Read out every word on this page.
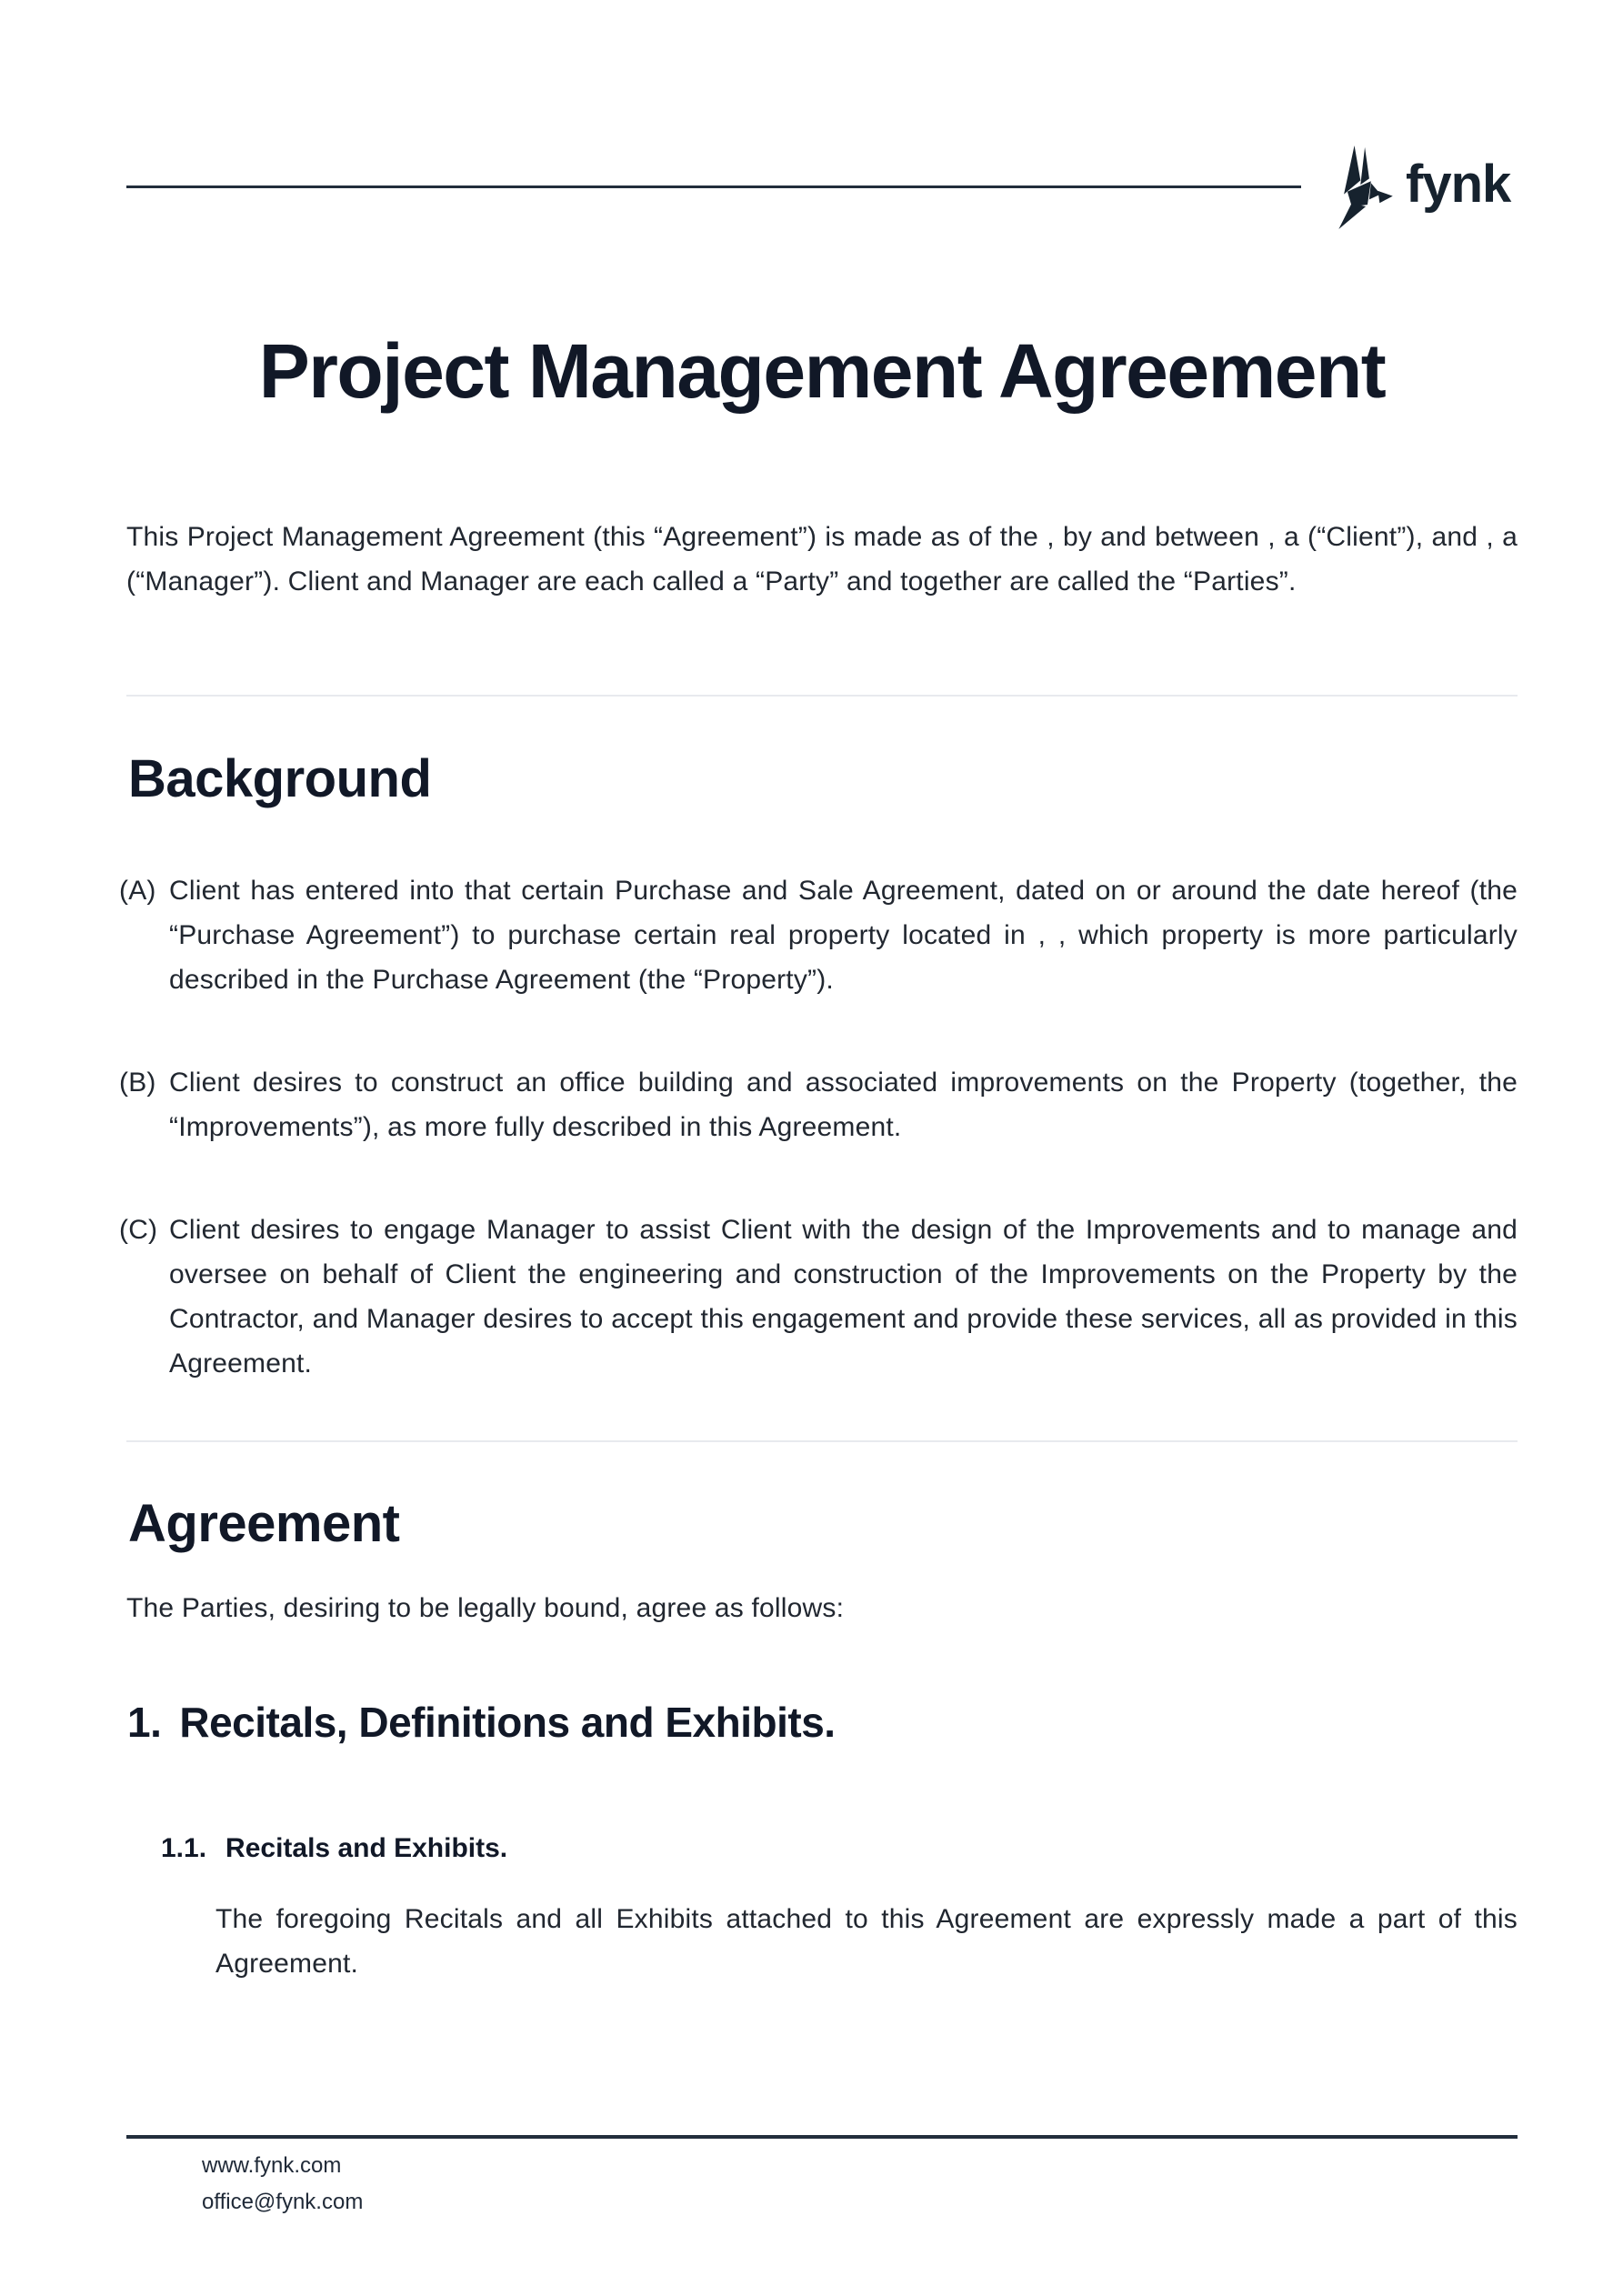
fynk
Project Management Agreement

This Project Management Agreement (this “Agreement”) is made as of the , by and between , a (“Client”), and , a (“Manager”). Client and Manager are each called a “Party” and together are called the “Parties”.

Background
(A) Client has entered into that certain Purchase and Sale Agreement, dated on or around the date hereof (the “Purchase Agreement”) to purchase certain real property located in , , which property is more particularly described in the Purchase Agreement (the “Property”).
(B) Client desires to construct an office building and associated improvements on the Property (together, the “Improvements”), as more fully described in this Agreement.
(C) Client desires to engage Manager to assist Client with the design of the Improvements and to manage and oversee on behalf of Client the engineering and construction of the Improvements on the Property by the Contractor, and Manager desires to accept this engagement and provide these services, all as provided in this Agreement.
Agreement

The Parties, desiring to be legally bound, agree as follows:

1. Recitals, Definitions and Exhibits.
1.1. Recitals and Exhibits.

The foregoing Recitals and all Exhibits attached to this Agreement are expressly made a part of this Agreement.

www.fynk.com
office@fynk.com
